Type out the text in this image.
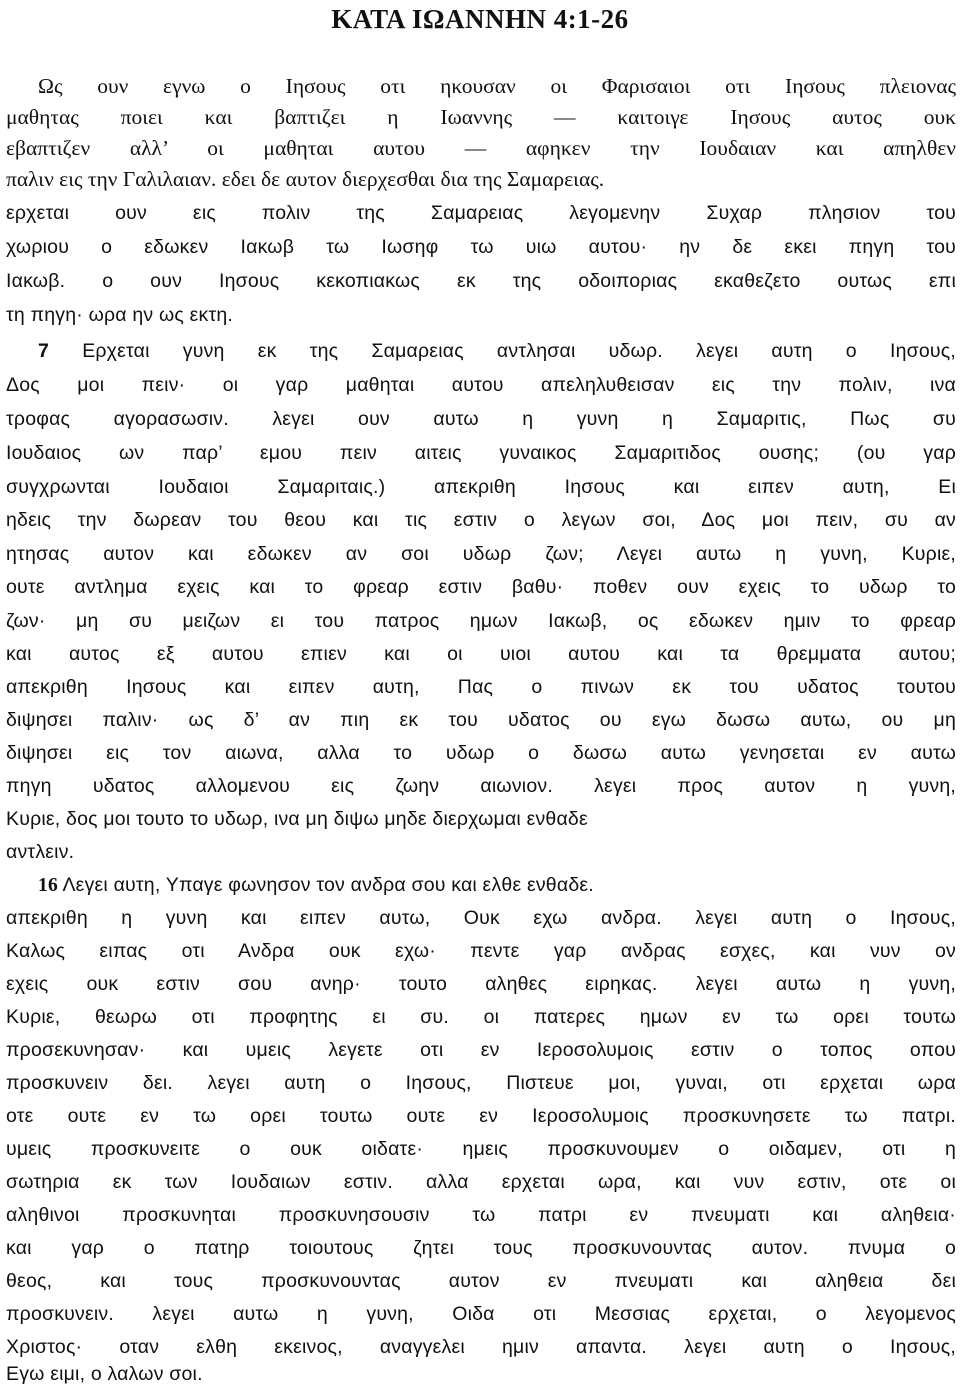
ΚΑΤΑ ΙΩΑΝΝΗΝ 4:1-26

Ως ουν εγνω ο Ιησους οτι ηκουσαν οι Φαρισαιοι οτι Ιησους πλειονας

μαθητας ποιει και βαπτιζει η Ιωαννης — καιτοιγε Ιησους αυτος ουκ

εβαπτιζεν αλλ’ οι μαθηται αυτου — αφηκεν την Ιουδαιαν και απηλθεν

παλιν εις την Γαλιλαιαν. εδει δε αυτον διερχεσθαι δια της Σαμαρειας.

ερχεται ουν εις πολιν της Σαμαρειας λεγομενην Συχαρ πλησιον του

χωριου ο εδωκεν Ιακωβ τω Ιωσηφ τω υιω αυτου· ην δε εκει πηγη του

Ιακωβ. ο ουν Ιησους κεκοπιακως εκ της οδοιποριας εκαθεζετο ουτως επι

τη πηγη· ωρα ην ως εκτη.

7 Ερχεται γυνη εκ της Σαμαρειας αντλησαι υδωρ. λεγει αυτη ο Ιησους,

Δος μοι πειν· οι γαρ μαθηται αυτου απεληλυθεισαν εις την πολιν, ινα

τροφας αγορασωσιν. λεγει ουν αυτω η γυνη η Σαμαριτις, Πως συ

Ιουδαιος ων παρ’ εμου πειν αιτεις γυναικος Σαμαριτιδος ουσης; (ου γαρ

συγχρωνται Ιουδαιοι Σαμαριταις.) απεκριθη Ιησους και ειπεν αυτη, Ει

ηδεις την δωρεαν του θεου και τις εστιν ο λεγων σοι, Δος μοι πειν, συ αν

ητησας αυτον και εδωκεν αν σοι υδωρ ζων; Λεγει αυτω η γυνη, Κυριε,

ουτε αντλημα εχεις και το φρεαρ εστιν βαθυ· ποθεν ουν εχεις το υδωρ το

ζων· μη συ μειζων ει του πατρος ημων Ιακωβ, ος εδωκεν ημιν το φρεαρ

και αυτος εξ αυτου επιεν και οι υιοι αυτου και τα θρεμματα αυτου;

απεκριθη Ιησους και ειπεν αυτη, Πας ο πινων εκ του υδατος τουτου

διψησει παλιν· ως δ’ αν πιη εκ του υδατος ου εγω δωσω αυτω, ου μη

διψησει εις τον αιωνα, αλλα το υδωρ ο δωσω αυτω γενησεται εν αυτω

πηγη υδατος αλλομενου εις ζωην αιωνιον. λεγει προς αυτον η γυνη,

Κυριε, δος μοι τουτο το υδωρ, ινα μη διψω μηδε διερχωμαι ενθαδε

αντλειν.

16 Λεγει αυτη, Υπαγε φωνησον τον ανδρα σου και ελθε ενθαδε.

απεκριθη η γυνη και ειπεν αυτω, Ουκ εχω ανδρα. λεγει αυτη ο Ιησους,

Καλως ειπας οτι Ανδρα ουκ εχω· πεντε γαρ ανδρας εσχες, και νυν ον

εχεις ουκ εστιν σου ανηρ· τουτο αληθες ειρηκας. λεγει αυτω η γυνη,

Κυριε, θεωρω οτι προφητης ει συ. οι πατερες ημων εν τω ορει τουτω

προσεκυνησαν· και υμεις λεγετε οτι εν Ιεροσολυμοις εστιν ο τοπος οπου

προσκυνειν δει. λεγει αυτη ο Ιησους, Πιστευε μοι, γυναι, οτι ερχεται ωρα

οτε ουτε εν τω ορει τουτω ουτε εν Ιεροσολυμοις προσκυνησετε τω πατρι.

υμεις προσκυνειτε ο ουκ οιδατε· ημεις προσκυνουμεν ο οιδαμεν, οτι η

σωτηρια εκ των Ιουδαιων εστιν. αλλα ερχεται ωρα, και νυν εστιν, οτε οι

αληθινοι προσκυνηται προσκυνησουσιν τω πατρι εν πνευματι και αληθεια·

και γαρ ο πατηρ τοιουτους ζητει τους προσκυνουντας αυτον. πνυμα ο

θεος, και τους προσκυνουντας αυτον εν πνευματι και αληθεια δει

προσκυνειν. λεγει αυτω η γυνη, Οιδα οτι Μεσσιας ερχεται, ο λεγομενος

Χριστος· οταν ελθη εκεινος, αναγγελει ημιν απαντα. λεγει αυτη ο Ιησους,

Εγω ειμι, ο λαλων σοι.
